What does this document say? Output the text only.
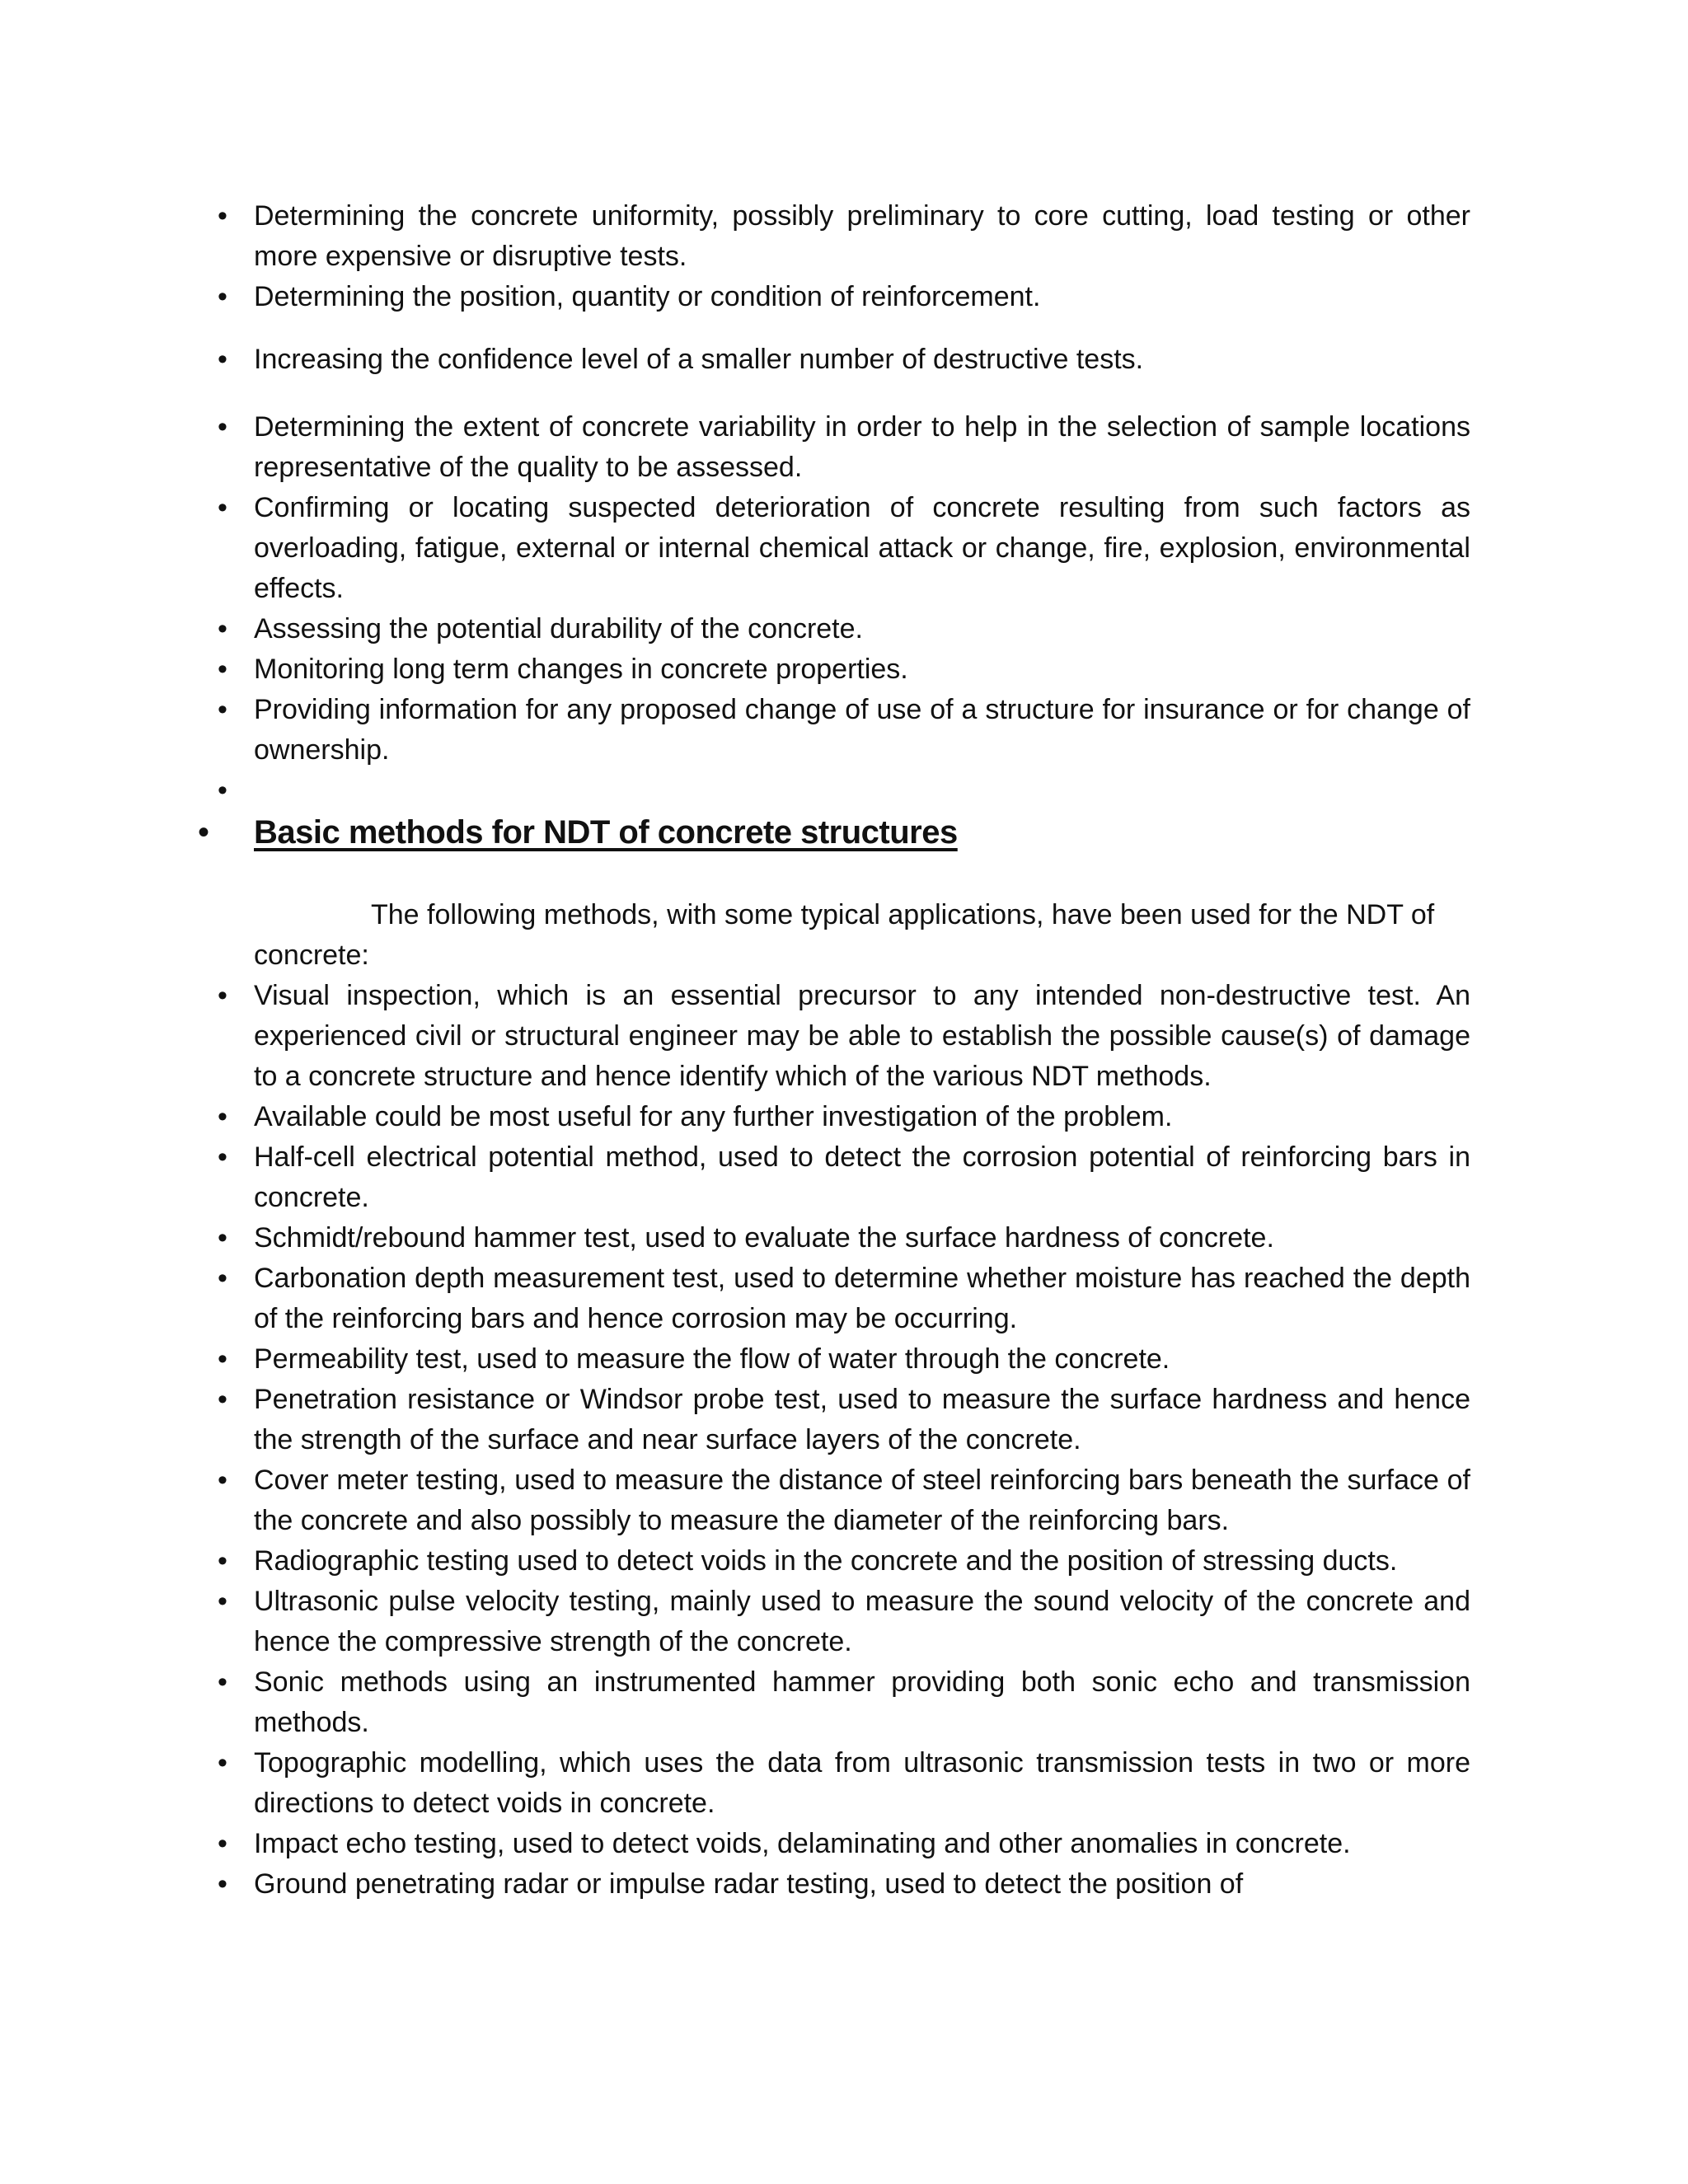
• Determining the concrete uniformity, possibly preliminary to core cutting, load testing or other more expensive or disruptive tests.
• Determining the position, quantity or condition of reinforcement.
• Increasing the confidence level of a smaller number of destructive tests.
• Determining the extent of concrete variability in order to help in the selection of sample locations representative of the quality to be assessed.
• Confirming or locating suspected deterioration of concrete resulting from such factors as overloading, fatigue, external or internal chemical attack or change, fire, explosion, environmental effects.
• Assessing the potential durability of the concrete.
• Monitoring long term changes in concrete properties.
• Providing information for any proposed change of use of a structure for insurance or for change of ownership.
•

• Basic methods for NDT of concrete structures

The following methods, with some typical applications, have been used for the NDT of concrete:

• Visual inspection, which is an essential precursor to any intended non-destructive test. An experienced civil or structural engineer may be able to establish the possible cause(s) of damage to a concrete structure and hence identify which of the various NDT methods.
• Available could be most useful for any further investigation of the problem.
• Half-cell electrical potential method, used to detect the corrosion potential of reinforcing bars in concrete.
• Schmidt/rebound hammer test, used to evaluate the surface hardness of concrete.
• Carbonation depth measurement test, used to determine whether moisture has reached the depth of the reinforcing bars and hence corrosion may be occurring.
• Permeability test, used to measure the flow of water through the concrete.
• Penetration resistance or Windsor probe test, used to measure the surface hardness and hence the strength of the surface and near surface layers of the concrete.
• Cover meter testing, used to measure the distance of steel reinforcing bars beneath the surface of the concrete and also possibly to measure the diameter of the reinforcing bars.
• Radiographic testing used to detect voids in the concrete and the position of stressing ducts.
• Ultrasonic pulse velocity testing, mainly used to measure the sound velocity of the concrete and hence the compressive strength of the concrete.
• Sonic methods using an instrumented hammer providing both sonic echo and transmission methods.
• Topographic modelling, which uses the data from ultrasonic transmission tests in two or more directions to detect voids in concrete.
• Impact echo testing, used to detect voids, delaminating and other anomalies in concrete.
• Ground penetrating radar or impulse radar testing, used to detect the position of
